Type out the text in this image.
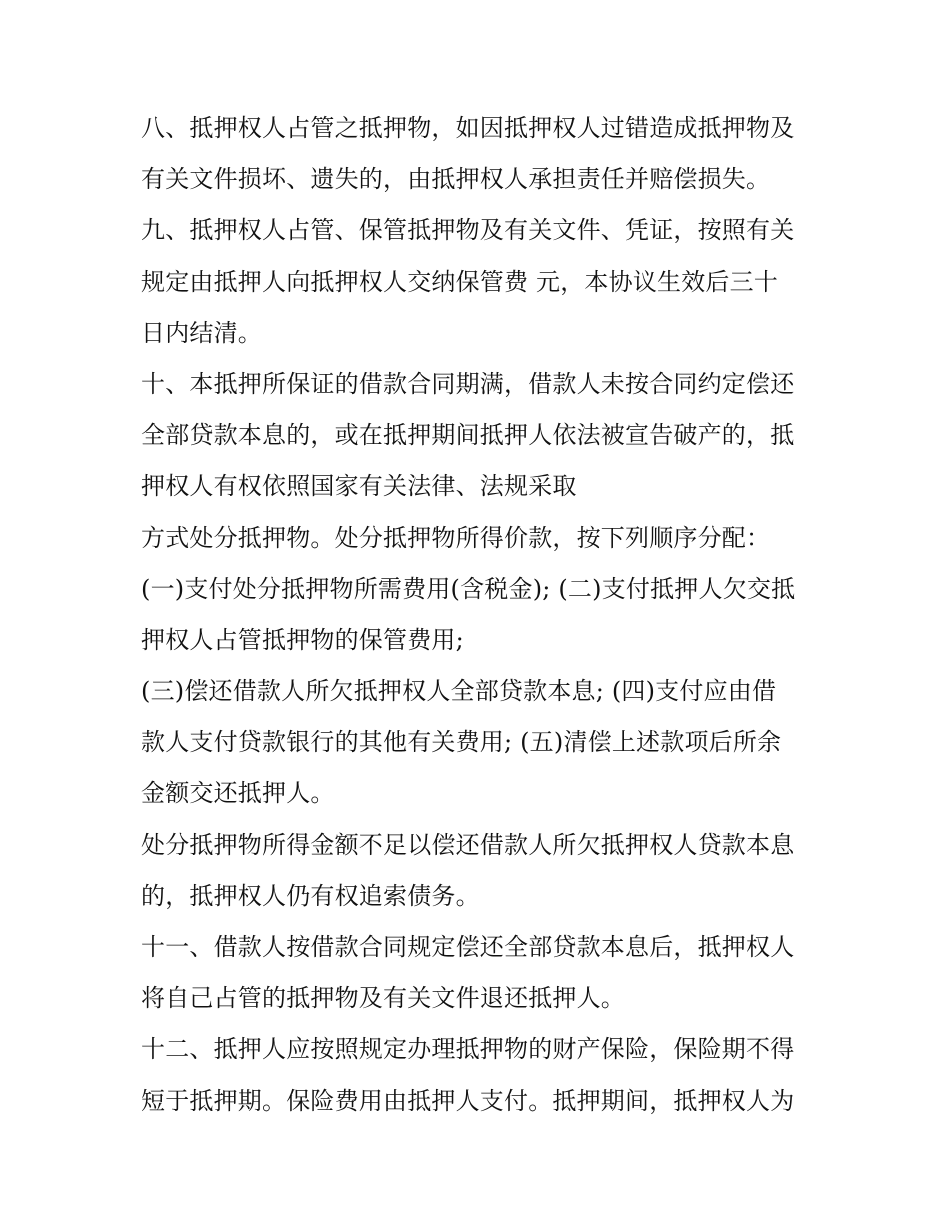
八、抵押权人占管之抵押物，如因抵押权人过错造成抵押物及
有关文件损坏、遗失的，由抵押权人承担责任并赔偿损失。
九、抵押权人占管、保管抵押物及有关文件、凭证，按照有关
规定由抵押人向抵押权人交纳保管费 元，本协议生效后三十
日内结清。
十、本抵押所保证的借款合同期满，借款人未按合同约定偿还
全部贷款本息的，或在抵押期间抵押人依法被宣告破产的，抵
押权人有权依照国家有关法律、法规采取
方式处分抵押物。处分抵押物所得价款，按下列顺序分配：
(一)支付处分抵押物所需费用(含税金); (二)支付抵押人欠交抵
押权人占管抵押物的保管费用;
(三)偿还借款人所欠抵押权人全部贷款本息; (四)支付应由借
款人支付贷款银行的其他有关费用; (五)清偿上述款项后所余
金额交还抵押人。
处分抵押物所得金额不足以偿还借款人所欠抵押权人贷款本息
的，抵押权人仍有权追索债务。
十一、借款人按借款合同规定偿还全部贷款本息后，抵押权人
将自己占管的抵押物及有关文件退还抵押人。
十二、抵押人应按照规定办理抵押物的财产保险，保险期不得
短于抵押期。保险费用由抵押人支付。抵押期间，抵押权人为
